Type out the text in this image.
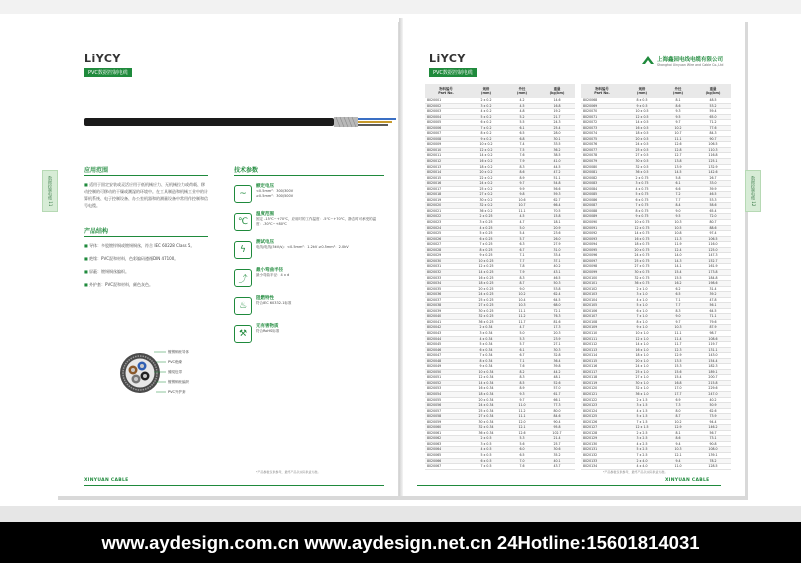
LiYCY
PVC数据控制电缆
应用范围
■ 适用于固定安装或灵活应用于低机械应力、无机械拉力或荷载、移动控制的可移动的干燥或潮湿的环境中。在工具制造和机械工业中的计算机系统、电子控制设备、办公室机器和的测量设备中常用作控制和信号电缆。
产品结构
■ 导体：多股镀锌铜或镀锡铜丝，符合 IEC 60228 Class 5。
■ 绝缘：PVC混和材料，色彩编码遵循DIN 47100。
■ 屏蔽：镀锡铜丝编织。
■ 外护套：PVC混和材料，颜色灰色。
镀锡铜丝导体
PVC绝缘
缠绕包带
镀锡铜丝编织
PVC外护套
技术参数
~
额定电压
<0.5mm²：300/300V
≥0.5mm²：300/500V
℃
温度范围
固定 -15℃~+70℃，应用时的工作温度：-5℃~+70℃，静态时可承受的温度：-30℃~+80℃
ϟ
测试电压
电线/电线(5kV/s)：<0.5mm²：1.2kV ≥0.5mm²：2.0kV
⤴
最小弯曲半径
最小弯曲半径：4 x d
♨
阻燃特性
符合IEC 60332-1标准
⚒
无有害物质
符合RoHS标准
*产品参数仅供参考，最终产品以实际供货为准。
XINYUAN CABLE
数据控制电缆 11
LiYCY
PVC数据控制电缆
上海鑫园电线电缆有限公司
Shanghai Xinyuan Wire and Cable Co.,Ltd
物料编号
Part No.	规格
(mm)	外径
(mm)	重量
(kg/km)
8020001	2 x 0.2	4.2	14.6
8020002	3 x 0.2	4.5	16.8
8020003	4 x 0.2	4.8	19.2
8020004	5 x 0.2	5.2	21.7
8020005	6 x 0.2	5.5	24.3
8020006	7 x 0.2	6.1	25.4
8020007	8 x 0.2	6.5	28.0
8020008	9 x 0.2	6.8	30.1
8020009	10 x 0.2	7.4	33.5
8020010	12 x 0.2	7.5	36.2
8020011	14 x 0.2	7.6	38.5
8020012	16 x 0.2	7.9	41.0
8020013	18 x 0.2	8.3	44.5
8020014	20 x 0.2	8.6	47.2
8020015	22 x 0.2	8.9	51.1
8020016	24 x 0.2	9.7	54.8
8020017	25 x 0.2	9.9	56.6
8020018	27 x 0.2	9.8	59.3
8020019	30 x 0.2	10.6	62.7
8020020	32 x 0.2	10.7	66.4
8020021	36 x 0.2	11.1	70.5
8020022	2 x 0.25	4.5	15.8
8020023	3 x 0.25	4.7	18.1
8020024	4 x 0.25	5.0	20.9
8020025	5 x 0.25	5.4	23.6
8020026	6 x 0.25	5.7	26.0
8020027	7 x 0.25	6.3	27.9
8020028	8 x 0.25	6.7	31.0
8020029	9 x 0.25	7.1	33.4
8020030	10 x 0.25	7.7	37.1
8020031	12 x 0.25	7.8	40.2
8020032	14 x 0.25	7.9	43.1
8020033	16 x 0.25	8.3	46.5
8020034	18 x 0.25	8.7	50.3
8020035	20 x 0.25	9.0	53.8
8020036	24 x 0.25	10.2	62.4
8020037	25 x 0.25	10.4	64.5
8020038	27 x 0.25	10.3	68.0
8020039	30 x 0.25	11.1	72.1
8020040	32 x 0.25	11.2	76.3
8020041	36 x 0.25	11.7	81.6
8020042	2 x 0.34	4.7	17.3
8020043	3 x 0.34	5.0	20.3
8020044	4 x 0.34	5.3	23.9
8020045	5 x 0.34	5.7	27.1
8020046	6 x 0.34	6.1	30.3
8020047	7 x 0.34	6.7	32.8
8020048	8 x 0.34	7.1	36.4
8020049	9 x 0.34	7.6	39.8
8020050	10 x 0.34	8.2	44.2
8020051	12 x 0.34	8.3	48.1
8020052	14 x 0.34	8.5	52.6
8020053	16 x 0.34	8.9	57.0
8020054	18 x 0.34	9.3	61.7
8020055	20 x 0.34	9.7	66.1
8020056	24 x 0.34	11.0	77.3
8020057	25 x 0.34	11.2	80.0
8020058	27 x 0.34	11.1	84.6
8020059	30 x 0.34	12.0	90.4
8020060	32 x 0.34	12.1	95.8
8020061	36 x 0.34	12.6	102.7
8020062	2 x 0.5	5.3	21.4
8020063	3 x 0.5	5.6	25.7
8020064	4 x 0.5	6.0	30.6
8020065	5 x 0.5	6.5	35.2
8020066	6 x 0.5	7.0	40.1
8020067	7 x 0.5	7.6	43.7
物料编号
Part No.	规格
(mm)	外径
(mm)	重量
(kg/km)
8020068	8 x 0.5	8.1	48.5
8020069	9 x 0.5	8.6	53.2
8020070	10 x 0.5	9.3	59.4
8020071	12 x 0.5	9.5	65.0
8020072	14 x 0.5	9.7	71.2
8020073	16 x 0.5	10.2	77.6
8020074	18 x 0.5	10.7	84.3
8020075	20 x 0.5	11.1	90.7
8020076	24 x 0.5	12.6	106.5
8020077	25 x 0.5	12.8	110.3
8020078	27 x 0.5	12.7	116.8
8020079	30 x 0.5	13.8	125.1
8020080	32 x 0.5	13.9	132.9
8020081	36 x 0.5	14.5	142.6
8020082	2 x 0.75	5.8	26.7
8020083	3 x 0.75	6.1	33.0
8020084	4 x 0.75	6.6	39.9
8020085	5 x 0.75	7.2	46.5
8020086	6 x 0.75	7.7	53.3
8020087	7 x 0.75	8.4	58.6
8020088	8 x 0.75	9.0	65.4
8020089	9 x 0.75	9.5	72.0
8020090	10 x 0.75	10.3	80.7
8020091	12 x 0.75	10.5	88.6
8020092	14 x 0.75	10.8	97.4
8020093	16 x 0.75	11.3	106.5
8020094	18 x 0.75	11.9	116.0
8020095	20 x 0.75	12.4	125.0
8020096	24 x 0.75	14.0	147.3
8020097	25 x 0.75	14.3	152.7
8020098	27 x 0.75	14.1	161.9
8020099	30 x 0.75	15.4	173.8
8020100	32 x 0.75	15.5	184.8
8020101	36 x 0.75	16.2	198.6
8020102	2 x 1.0	6.2	31.4
8020103	3 x 1.0	6.5	39.2
8020104	4 x 1.0	7.1	47.8
8020105	5 x 1.0	7.7	56.1
8020106	6 x 1.0	8.3	64.5
8020107	7 x 1.0	9.0	71.1
8020108	8 x 1.0	9.7	79.6
8020109	9 x 1.0	10.3	87.9
8020110	10 x 1.0	11.1	98.7
8020111	12 x 1.0	11.4	108.6
8020112	14 x 1.0	11.7	119.7
8020113	16 x 1.0	12.3	131.1
8020114	18 x 1.0	12.9	143.0
8020115	20 x 1.0	13.5	154.4
8020116	24 x 1.0	15.3	182.3
8020117	25 x 1.0	15.6	189.1
8020118	27 x 1.0	15.4	200.7
8020119	30 x 1.0	16.8	215.8
8020120	32 x 1.0	17.0	229.6
8020121	36 x 1.0	17.7	247.0
8020122	2 x 1.5	6.9	40.2
8020123	3 x 1.5	7.3	50.9
8020124	4 x 1.5	8.0	62.6
8020125	5 x 1.5	8.7	73.9
8020126	7 x 1.5	10.2	94.4
8020127	12 x 1.5	12.9	146.2
8020128	2 x 2.5	8.1	56.7
8020129	3 x 2.5	8.6	73.1
8020130	4 x 2.5	9.4	90.8
8020131	5 x 2.5	10.3	108.0
8020132	7 x 2.5	12.1	139.1
8020133	2 x 4.0	9.4	78.2
8020134	4 x 4.0	11.0	128.5
*产品参数仅供参考，最终产品以实际供货为准。
XINYUAN CABLE
数据控制电缆 12
www.aydesign.com.cn www.aydesign.net.cn 24Hotline:15601814031
